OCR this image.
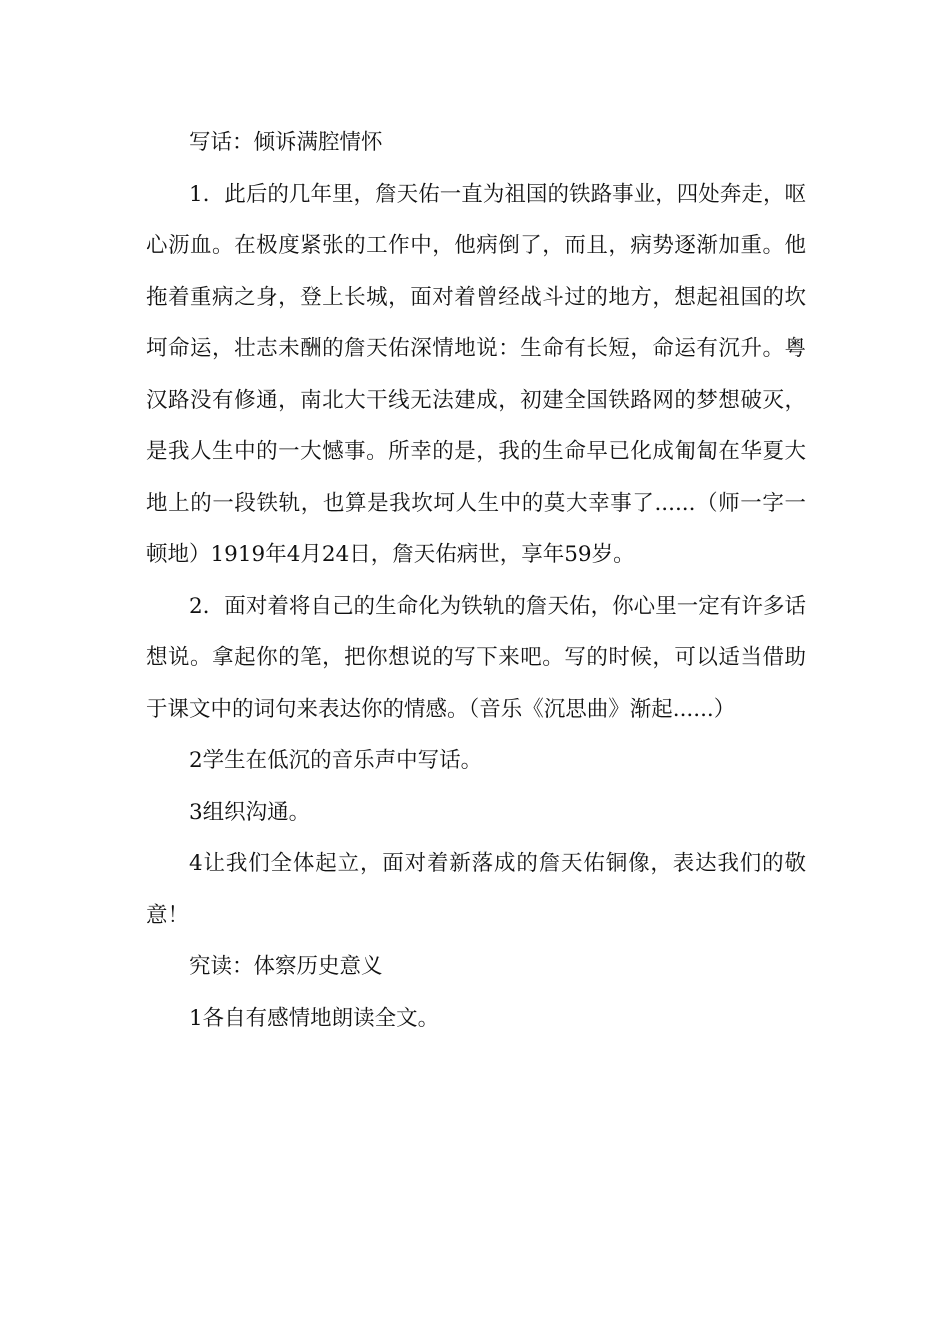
写话：倾诉满腔情怀

1．此后的几年里，詹天佑一直为祖国的铁路事业，四处奔走，呕心沥血。在极度紧张的工作中，他病倒了，而且，病势逐渐加重。他拖着重病之身，登上长城，面对着曾经战斗过的地方，想起祖国的坎坷命运，壮志未酬的詹天佑深情地说：生命有长短，命运有沉升。粤汉路没有修通，南北大干线无法建成，初建全国铁路网的梦想破灭，是我人生中的一大憾事。所幸的是，我的生命早已化成匍匐在华夏大地上的一段铁轨，也算是我坎坷人生中的莫大幸事了......（师一字一顿地）1919年4月24日，詹天佑病世，享年59岁。

2．面对着将自己的生命化为铁轨的詹天佑，你心里一定有许多话想说。拿起你的笔，把你想说的写下来吧。写的时候，可以适当借助于课文中的词句来表达你的情感。（音乐《沉思曲》渐起......）

2学生在低沉的音乐声中写话。

3组织沟通。

4让我们全体起立，面对着新落成的詹天佑铜像，表达我们的敬意！

究读：体察历史意义

1各自有感情地朗读全文。
